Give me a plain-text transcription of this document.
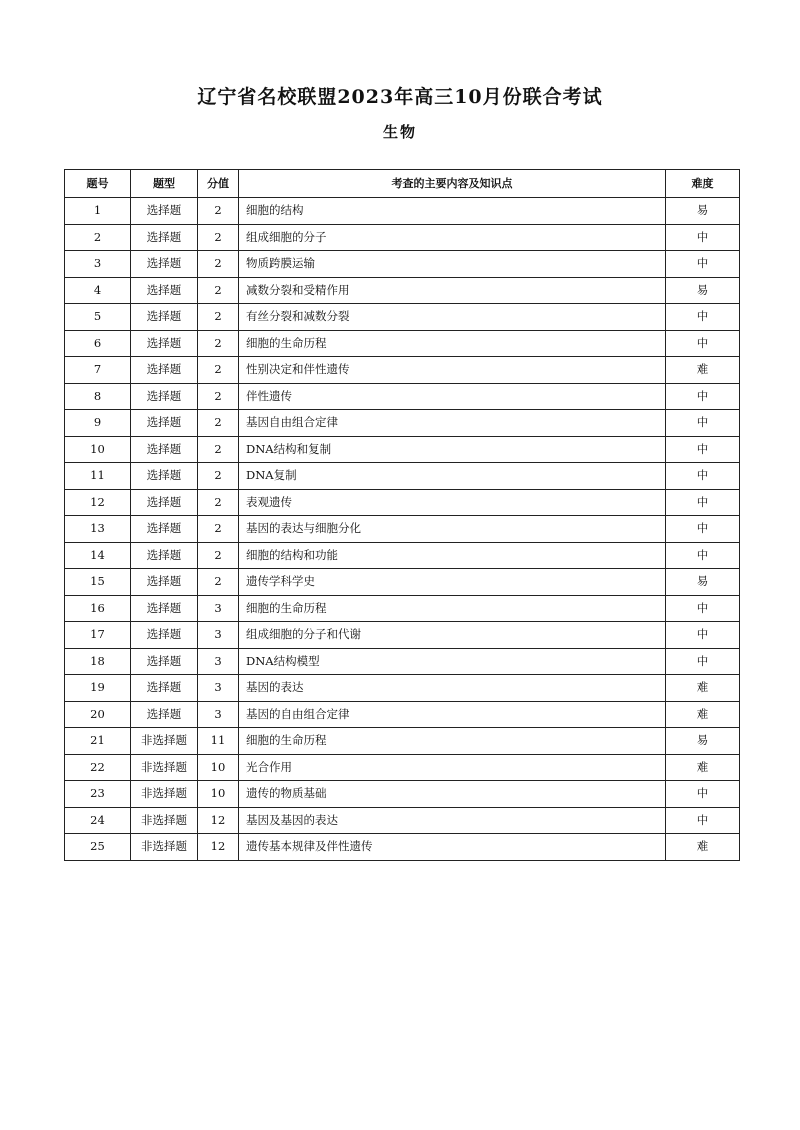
辽宁省名校联盟2023年高三10月份联合考试
生物
题号	题型	分值	考查的主要内容及知识点	难度
1	选择题	2	细胞的结构	易
2	选择题	2	组成细胞的分子	中
3	选择题	2	物质跨膜运输	中
4	选择题	2	减数分裂和受精作用	易
5	选择题	2	有丝分裂和减数分裂	中
6	选择题	2	细胞的生命历程	中
7	选择题	2	性别决定和伴性遗传	难
8	选择题	2	伴性遗传	中
9	选择题	2	基因自由组合定律	中
10	选择题	2	DNA结构和复制	中
11	选择题	2	DNA复制	中
12	选择题	2	表观遗传	中
13	选择题	2	基因的表达与细胞分化	中
14	选择题	2	细胞的结构和功能	中
15	选择题	2	遗传学科学史	易
16	选择题	3	细胞的生命历程	中
17	选择题	3	组成细胞的分子和代谢	中
18	选择题	3	DNA结构模型	中
19	选择题	3	基因的表达	难
20	选择题	3	基因的自由组合定律	难
21	非选择题	11	细胞的生命历程	易
22	非选择题	10	光合作用	难
23	非选择题	10	遗传的物质基础	中
24	非选择题	12	基因及基因的表达	中
25	非选择题	12	遗传基本规律及伴性遗传	难
